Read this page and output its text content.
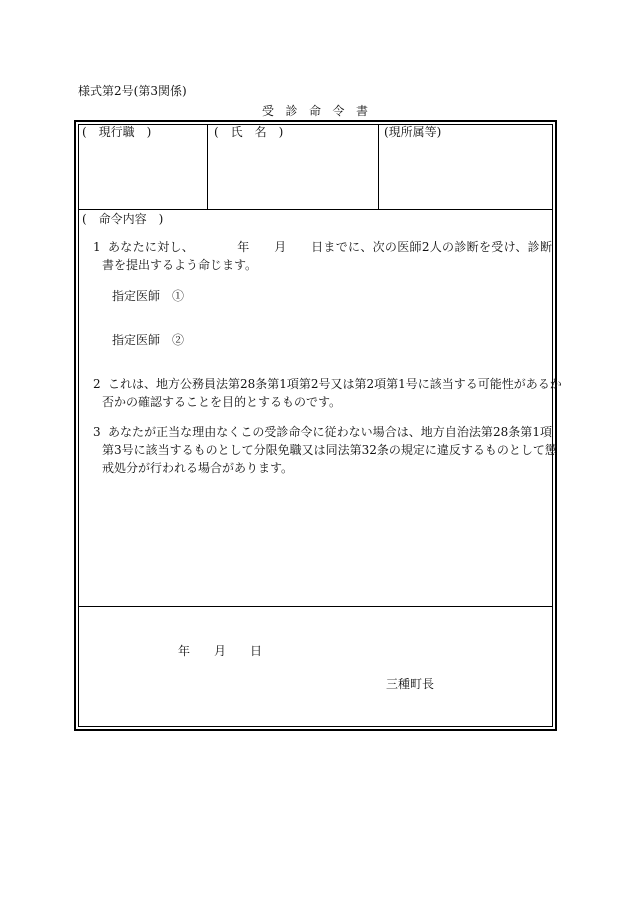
様式第2号(第3関係)
受診命令書
(　現行職　)	(　氏　名　)	(現所属等)
(　命令内容　)
1 あなたに対し、　　　　年　　月　　日までに、次の医師2人の診断を受け、診断
書を提出するよう命じます。
指定医師　①
指定医師　②
2 これは、地方公務員法第28条第1項第2号又は第2項第1号に該当する可能性があるか
否かの確認することを目的とするものです。
3 あなたが正当な理由なくこの受診命令に従わない場合は、地方自治法第28条第1項
第3号に該当するものとして分限免職又は同法第32条の規定に違反するものとして懲
戒処分が行われる場合があります。
年　　月　　日
三種町長
